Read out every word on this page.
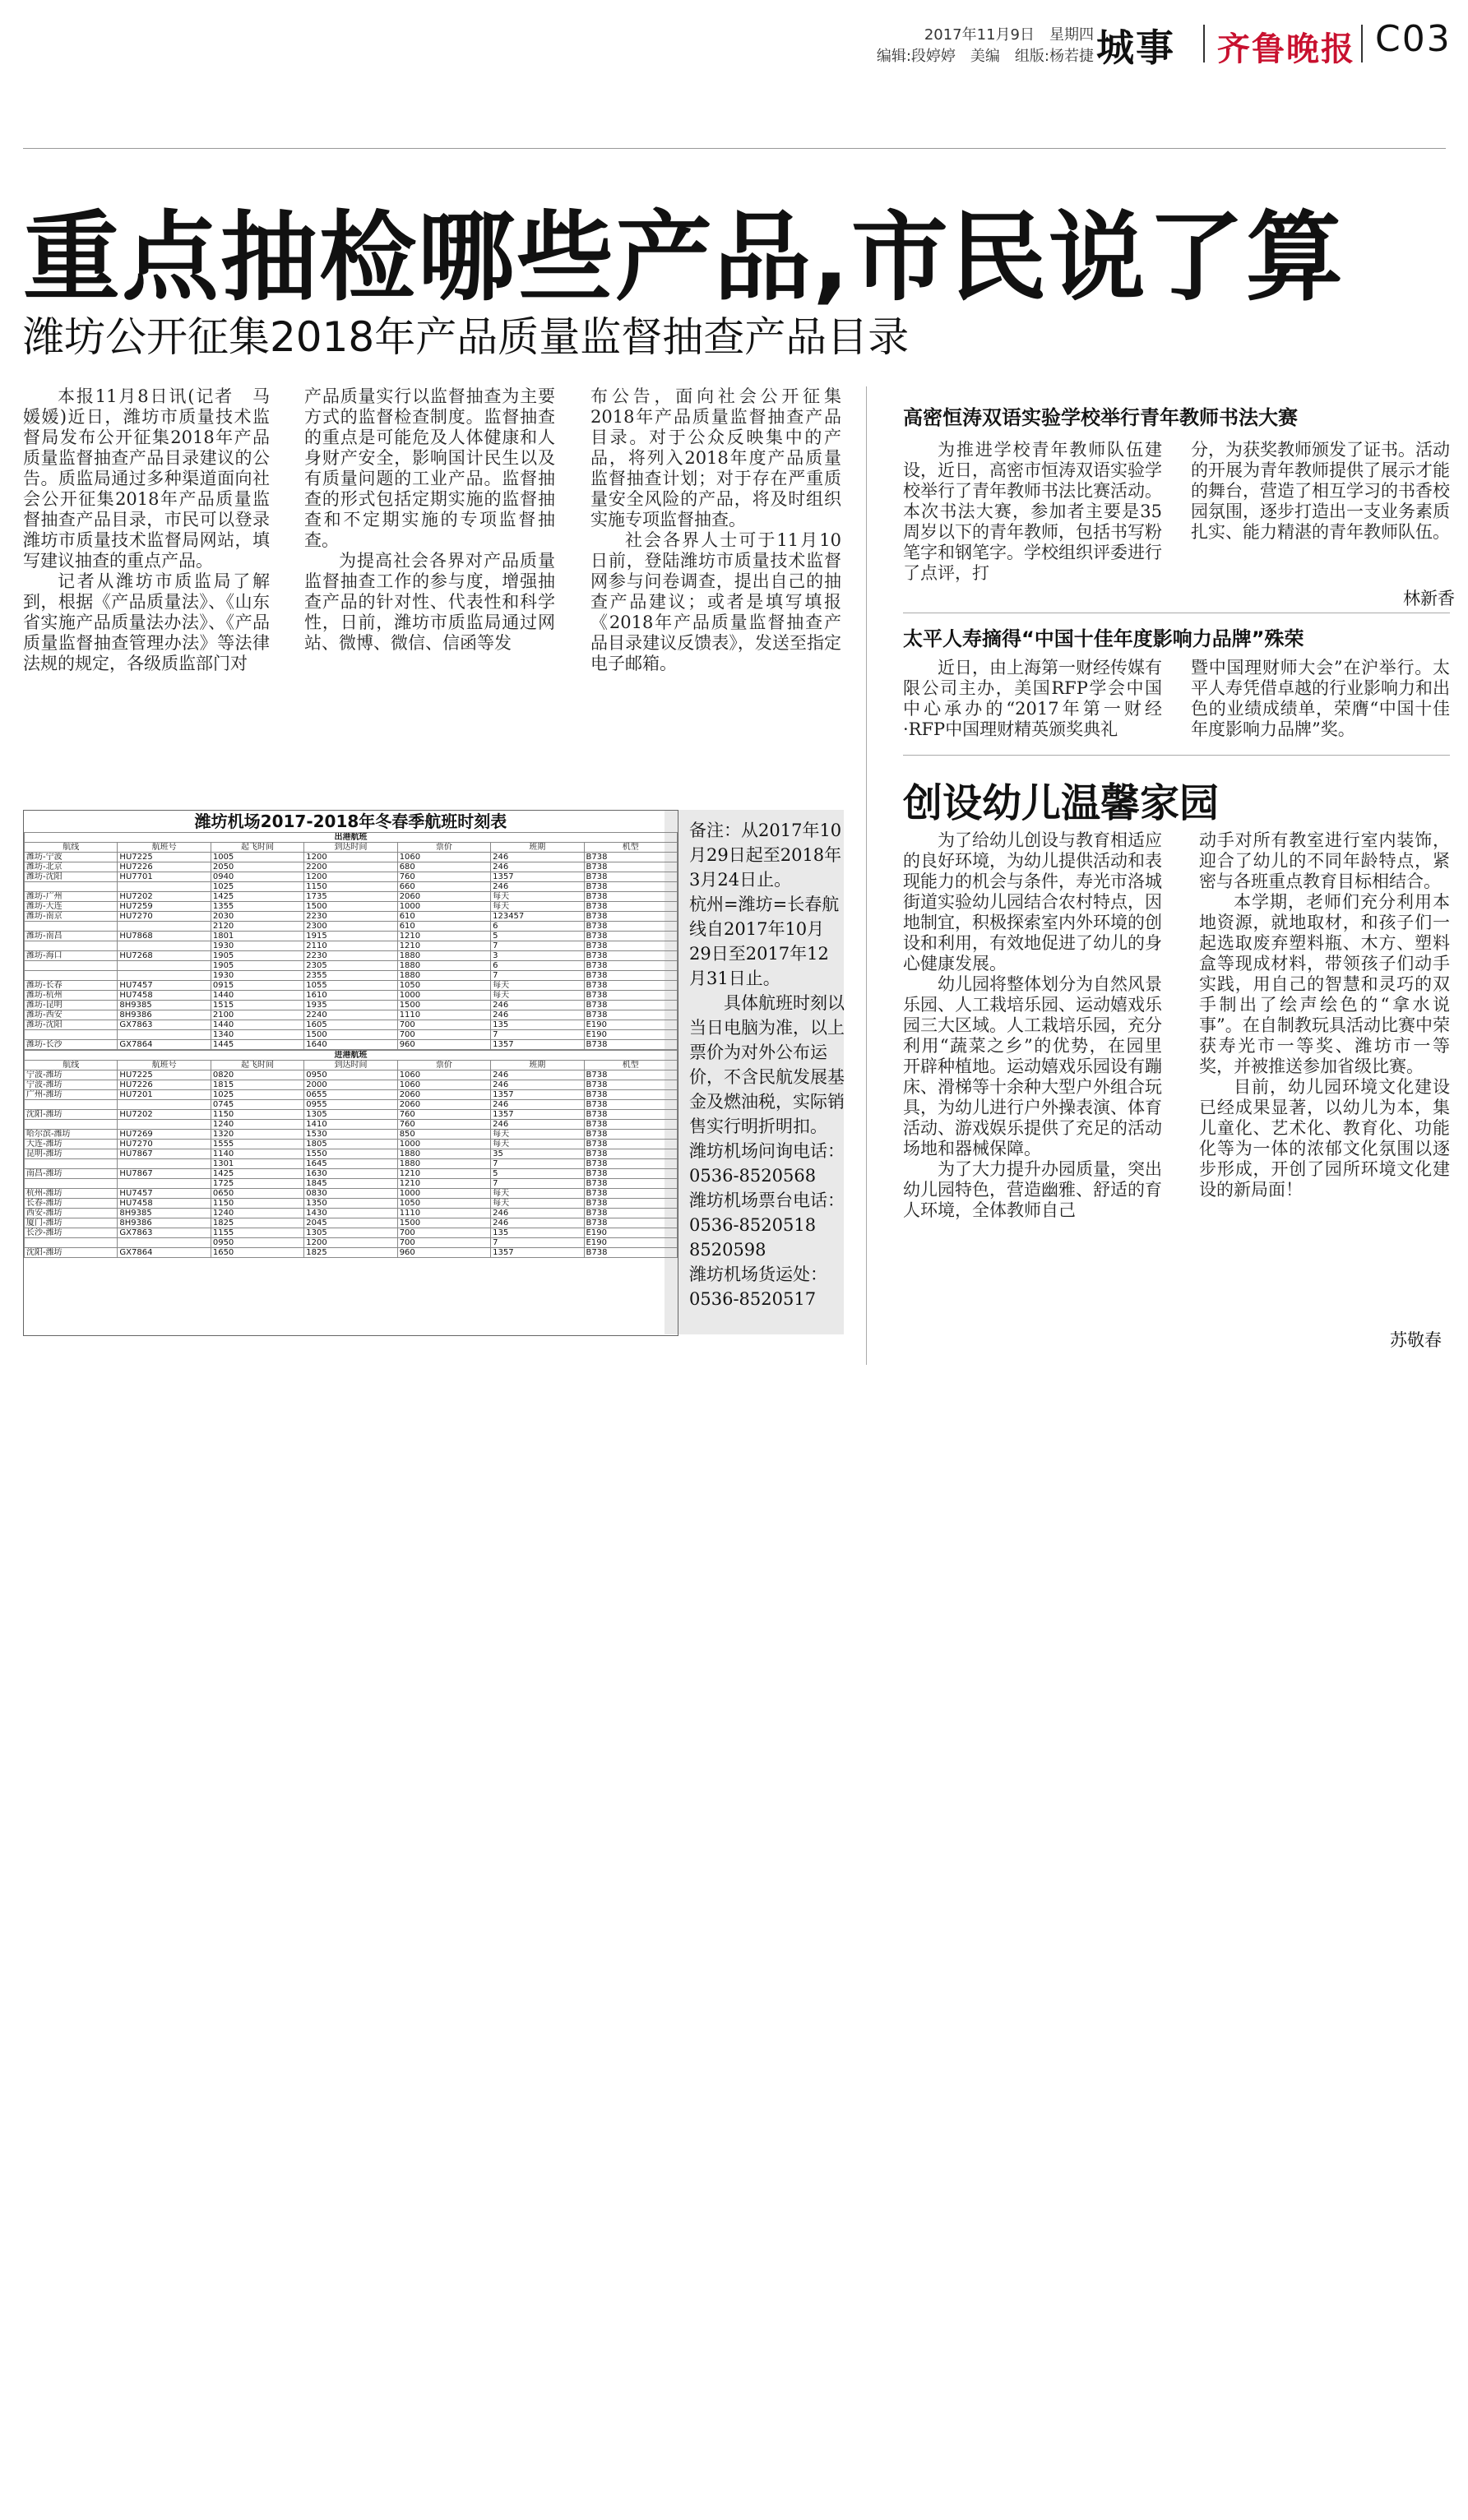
2017年11月9日　星期四
编辑:段婷婷　美编　组版:杨若捷 城事 齐鲁晚报 C03
重点抽检哪些产品,市民说了算
潍坊公开征集2018年产品质量监督抽查产品目录

本报11月8日讯(记者　马媛媛)近日，潍坊市质量技术监督局发布公开征集2018年产品质量监督抽查产品目录建议的公告。质监局通过多种渠道面向社会公开征集2018年产品质量监督抽查产品目录，市民可以登录潍坊市质量技术监督局网站，填写建议抽查的重点产品。

记者从潍坊市质监局了解到，根据《产品质量法》、《山东省实施产品质量法办法》、《产品质量监督抽查管理办法》等法律法规的规定，各级质监部门对

产品质量实行以监督抽查为主要方式的监督检查制度。监督抽查的重点是可能危及人体健康和人身财产安全，影响国计民生以及有质量问题的工业产品。监督抽查的形式包括定期实施的监督抽查和不定期实施的专项监督抽查。

为提高社会各界对产品质量监督抽查工作的参与度，增强抽查产品的针对性、代表性和科学性，日前，潍坊市质监局通过网站、微博、微信、信函等发

布公告，面向社会公开征集2018年产品质量监督抽查产品目录。对于公众反映集中的产品，将列入2018年度产品质量监督抽查计划；对于存在严重质量安全风险的产品，将及时组织实施专项监督抽查。

社会各界人士可于11月10日前，登陆潍坊市质量技术监督网参与问卷调查，提出自己的抽查产品建议；或者是填写填报《2018年产品质量监督抽查产品目录建议反馈表》，发送至指定电子邮箱。

潍坊机场2017-2018年冬春季航班时刻表
出港航班						
航线	航班号	起飞时间	到达时间	票价	班期	机型
潍坊-宁波	HU7225	1005	1200	1060	246	B738
潍坊-北京	HU7226	2050	2200	680	246	B738
潍坊-沈阳	HU7701	0940	1200	760	1357	B738
		1025	1150	660	246	B738
潍坊-广州	HU7202	1425	1735	2060	每天	B738
潍坊-大连	HU7259	1355	1500	1000	每天	B738
潍坊-南京	HU7270	2030	2230	610	123457	B738
		2120	2300	610	6	B738
潍坊-南昌	HU7868	1801	1915	1210	5	B738
		1930	2110	1210	7	B738
潍坊-海口	HU7268	1905	2230	1880	3	B738
		1905	2305	1880	6	B738
		1930	2355	1880	7	B738
潍坊-长春	HU7457	0915	1055	1050	每天	B738
潍坊-杭州	HU7458	1440	1610	1000	每天	B738
潍坊-昆明	8H9385	1515	1935	1500	246	B738
潍坊-西安	8H9386	2100	2240	1110	246	B738
潍坊-沈阳	GX7863	1440	1605	700	135	E190
		1340	1500	700	7	E190
潍坊-长沙	GX7864	1445	1640	960	1357	B738
进港航班						
航线	航班号	起飞时间	到达时间	票价	班期	机型
宁波-潍坊	HU7225	0820	0950	1060	246	B738
宁波-潍坊	HU7226	1815	2000	1060	246	B738
广州-潍坊	HU7201	1025	0655	2060	1357	B738
		0745	0955	2060	246	B738
沈阳-潍坊	HU7202	1150	1305	760	1357	B738
		1240	1410	760	246	B738
哈尔滨-潍坊	HU7269	1320	1530	850	每天	B738
大连-潍坊	HU7270	1555	1805	1000	每天	B738
昆明-潍坊	HU7867	1140	1550	1880	35	B738
		1301	1645	1880	7	B738
南昌-潍坊	HU7867	1425	1630	1210	5	B738
		1725	1845	1210	7	B738
杭州-潍坊	HU7457	0650	0830	1000	每天	B738
长春-潍坊	HU7458	1150	1350	1050	每天	B738
西安-潍坊	8H9385	1240	1430	1110	246	B738
厦门-潍坊	8H9386	1825	2045	1500	246	B738
长沙-潍坊	GX7863	1155	1305	700	135	E190
		0950	1200	700	7	E190
沈阳-潍坊	GX7864	1650	1825	960	1357	B738

备注：从2017年10月29日起至2018年3月24日止。

杭州=潍坊=长春航线自2017年10月29日至2017年12月31日止。

具体航班时刻以当日电脑为准，以上票价为对外公布运价，不含民航发展基金及燃油税，实际销售实行明折明扣。

潍坊机场问询电话：0536-8520568

潍坊机场票台电话：0536-8520518　8520598

潍坊机场货运处：0536-8520517

高密恒涛双语实验学校举行青年教师书法大赛
为推进学校青年教师队伍建设，近日，高密市恒涛双语实验学校举行了青年教师书法比赛活动。本次书法大赛，参加者主要是35周岁以下的青年教师，包括书写粉笔字和钢笔字。学校组织评委进行了点评，打
分，为获奖教师颁发了证书。活动的开展为青年教师提供了展示才能的舞台，营造了相互学习的书香校园氛围，逐步打造出一支业务素质扎实、能力精湛的青年教师队伍。
林新香
太平人寿摘得“中国十佳年度影响力品牌”殊荣
近日，由上海第一财经传媒有限公司主办，美国RFP学会中国中心承办的“2017年第一财经·RFP中国理财精英颁奖典礼
暨中国理财师大会”在沪举行。太平人寿凭借卓越的行业影响力和出色的业绩成绩单，荣膺“中国十佳年度影响力品牌”奖。
创设幼儿温馨家园

为了给幼儿创设与教育相适应的良好环境，为幼儿提供活动和表现能力的机会与条件，寿光市洛城街道实验幼儿园结合农村特点，因地制宜，积极探索室内外环境的创设和利用，有效地促进了幼儿的身心健康发展。

幼儿园将整体划分为自然风景乐园、人工栽培乐园、运动嬉戏乐园三大区域。人工栽培乐园，充分利用“蔬菜之乡”的优势，在园里开辟种植地。运动嬉戏乐园设有蹦床、滑梯等十余种大型户外组合玩具，为幼儿进行户外操表演、体育活动、游戏娱乐提供了充足的活动场地和器械保障。

为了大力提升办园质量，突出幼儿园特色，营造幽雅、舒适的育人环境，全体教师自己

动手对所有教室进行室内装饰，迎合了幼儿的不同年龄特点，紧密与各班重点教育目标相结合。

本学期，老师们充分利用本地资源，就地取材，和孩子们一起选取废弃塑料瓶、木方、塑料盒等现成材料，带领孩子们动手实践，用自己的智慧和灵巧的双手制出了绘声绘色的“拿水说事”。在自制教玩具活动比赛中荣获寿光市一等奖、潍坊市一等奖，并被推送参加省级比赛。

目前，幼儿园环境文化建设已经成果显著，以幼儿为本，集儿童化、艺术化、教育化、功能化等为一体的浓郁文化氛围以逐步形成，开创了园所环境文化建设的新局面！

苏敬春
